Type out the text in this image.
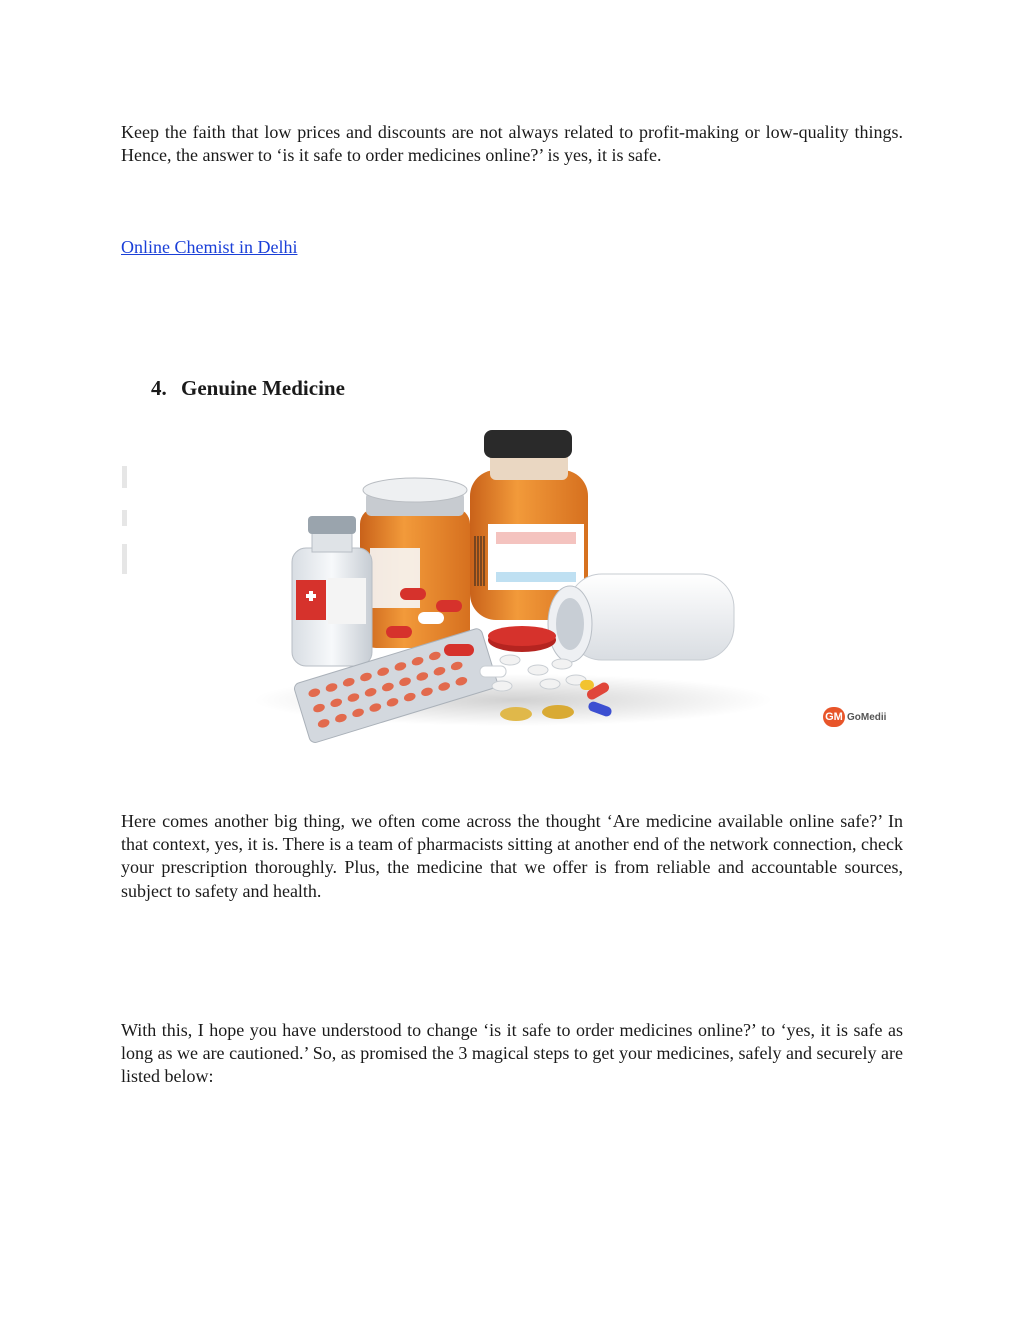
Keep the faith that low prices and discounts are not always related to profit-making or low-quality things. Hence, the answer to ‘is it safe to order medicines online?’ is yes, it is safe.

Online Chemist in Delhi
4. Genuine Medicine
GM GoMedii

Here comes another big thing, we often come across the thought ‘Are medicine available online safe?’ In that context, yes, it is. There is a team of pharmacists sitting at another end of the network connection, check your prescription thoroughly. Plus, the medicine that we offer is from reliable and accountable sources, subject to safety and health.

With this, I hope you have understood to change ‘is it safe to order medicines online?’ to ‘yes, it is safe as long as we are cautioned.’ So, as promised the 3 magical steps to get your medicines, safely and securely are listed below:
